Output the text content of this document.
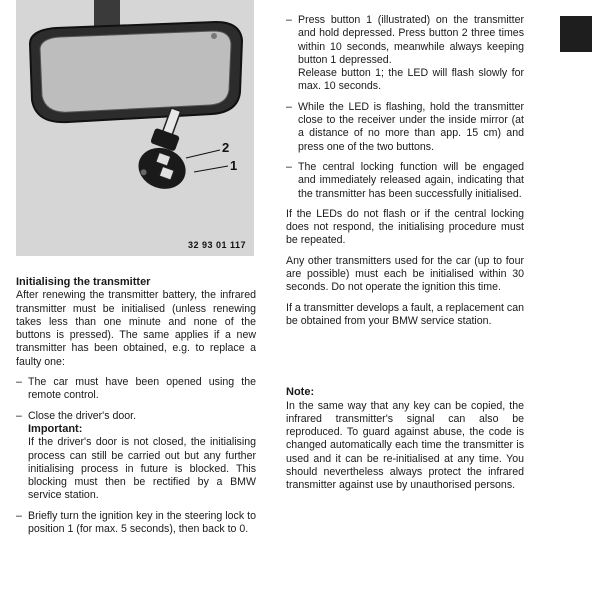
2
1
32 93 01 117
Initialising the transmitter

After renewing the transmitter battery, the infrared transmitter must be initialised (unless renewing takes less than one minute and none of the buttons is pressed). The same applies if a new transmitter has been obtained, e.g. to replace a faulty one:

– The car must have been opened using the remote control.
– Close the driver's door.
Important:

If the driver's door is not closed, the initialising process can still be carried out but any further initialising process in future is blocked. This blocking must then be rectified by a BMW service station.

– Briefly turn the ignition key in the steering lock to position 1 (for max. 5 seconds), then back to 0.
– Press button 1 (illustrated) on the transmitter and hold depressed. Press button 2 three times within 10 seconds, meanwhile always keeping button 1 depressed.

Release button 1; the LED will flash slowly for max. 10 seconds.

– While the LED is flashing, hold the transmitter close to the receiver under the inside mirror (at a distance of no more than app. 15 cm) and press one of the two buttons.

– The central locking function will be engaged and immediately released again, indicating that the transmitter has been successfully initialised.

If the LEDs do not flash or if the central locking does not respond, the initialising procedure must be repeated.

Any other transmitters used for the car (up to four are possible) must each be initialised within 30 seconds. Do not operate the ignition this time.

If a transmitter develops a fault, a replacement can be obtained from your BMW service station.

Note:

In the same way that any key can be copied, the infrared transmitter's signal can also be reproduced. To guard against abuse, the code is changed automatically each time the transmitter is used and it can be re-initialised at any time. You should nevertheless always protect the infrared transmitter against use by unauthorised persons.
